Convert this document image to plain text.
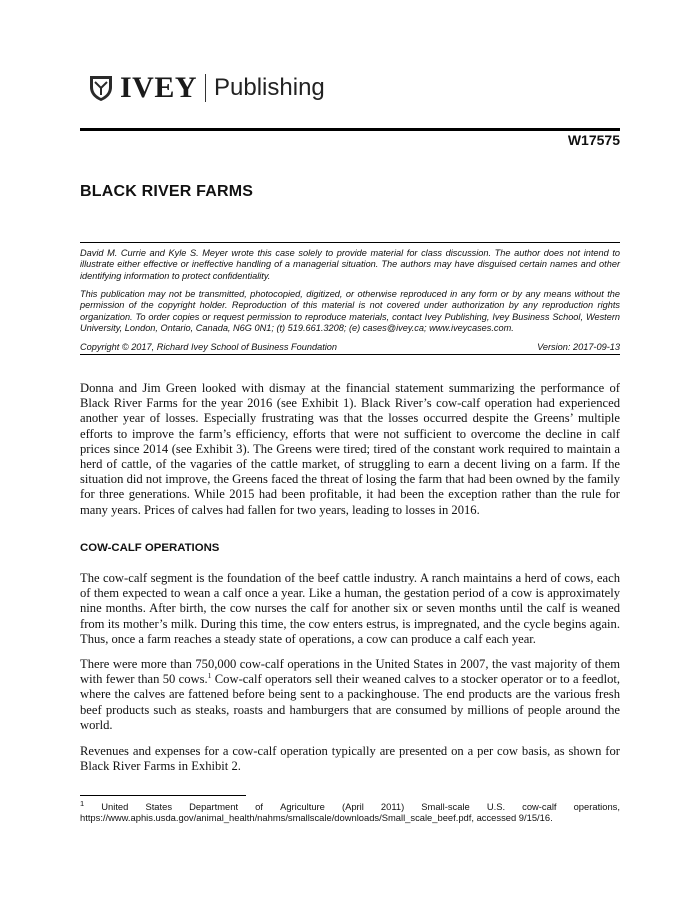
IVEY Publishing
W17575
BLACK RIVER FARMS
David M. Currie and Kyle S. Meyer wrote this case solely to provide material for class discussion. The author does not intend to illustrate either effective or ineffective handling of a managerial situation. The authors may have disguised certain names and other identifying information to protect confidentiality.
This publication may not be transmitted, photocopied, digitized, or otherwise reproduced in any form or by any means without the permission of the copyright holder. Reproduction of this material is not covered under authorization by any reproduction rights organization. To order copies or request permission to reproduce materials, contact Ivey Publishing, Ivey Business School, Western University, London, Ontario, Canada, N6G 0N1; (t) 519.661.3208; (e) cases@ivey.ca; www.iveycases.com.
Copyright © 2017, Richard Ivey School of Business Foundation	Version: 2017-09-13
Donna and Jim Green looked with dismay at the financial statement summarizing the performance of Black River Farms for the year 2016 (see Exhibit 1). Black River’s cow-calf operation had experienced another year of losses. Especially frustrating was that the losses occurred despite the Greens’ multiple efforts to improve the farm’s efficiency, efforts that were not sufficient to overcome the decline in calf prices since 2014 (see Exhibit 3). The Greens were tired; tired of the constant work required to maintain a herd of cattle, of the vagaries of the cattle market, of struggling to earn a decent living on a farm. If the situation did not improve, the Greens faced the threat of losing the farm that had been owned by the family for three generations. While 2015 had been profitable, it had been the exception rather than the rule for many years. Prices of calves had fallen for two years, leading to losses in 2016.
COW-CALF OPERATIONS
The cow-calf segment is the foundation of the beef cattle industry. A ranch maintains a herd of cows, each of them expected to wean a calf once a year. Like a human, the gestation period of a cow is approximately nine months. After birth, the cow nurses the calf for another six or seven months until the calf is weaned from its mother’s milk. During this time, the cow enters estrus, is impregnated, and the cycle begins again. Thus, once a farm reaches a steady state of operations, a cow can produce a calf each year.
There were more than 750,000 cow-calf operations in the United States in 2007, the vast majority of them with fewer than 50 cows.$^1$ Cow-calf operators sell their weaned calves to a stocker operator or to a feedlot, where the calves are fattened before being sent to a packinghouse. The end products are the various fresh beef products such as steaks, roasts and hamburgers that are consumed by millions of people around the world.
Revenues and expenses for a cow-calf operation typically are presented on a per cow basis, as shown for Black River Farms in Exhibit 2.
$^1$ United States Department of Agriculture (April 2011) Small-scale U.S. cow-calf operations,
https://www.aphis.usda.gov/animal_health/nahms/smallscale/downloads/Small_scale_beef.pdf, accessed 9/15/16.
